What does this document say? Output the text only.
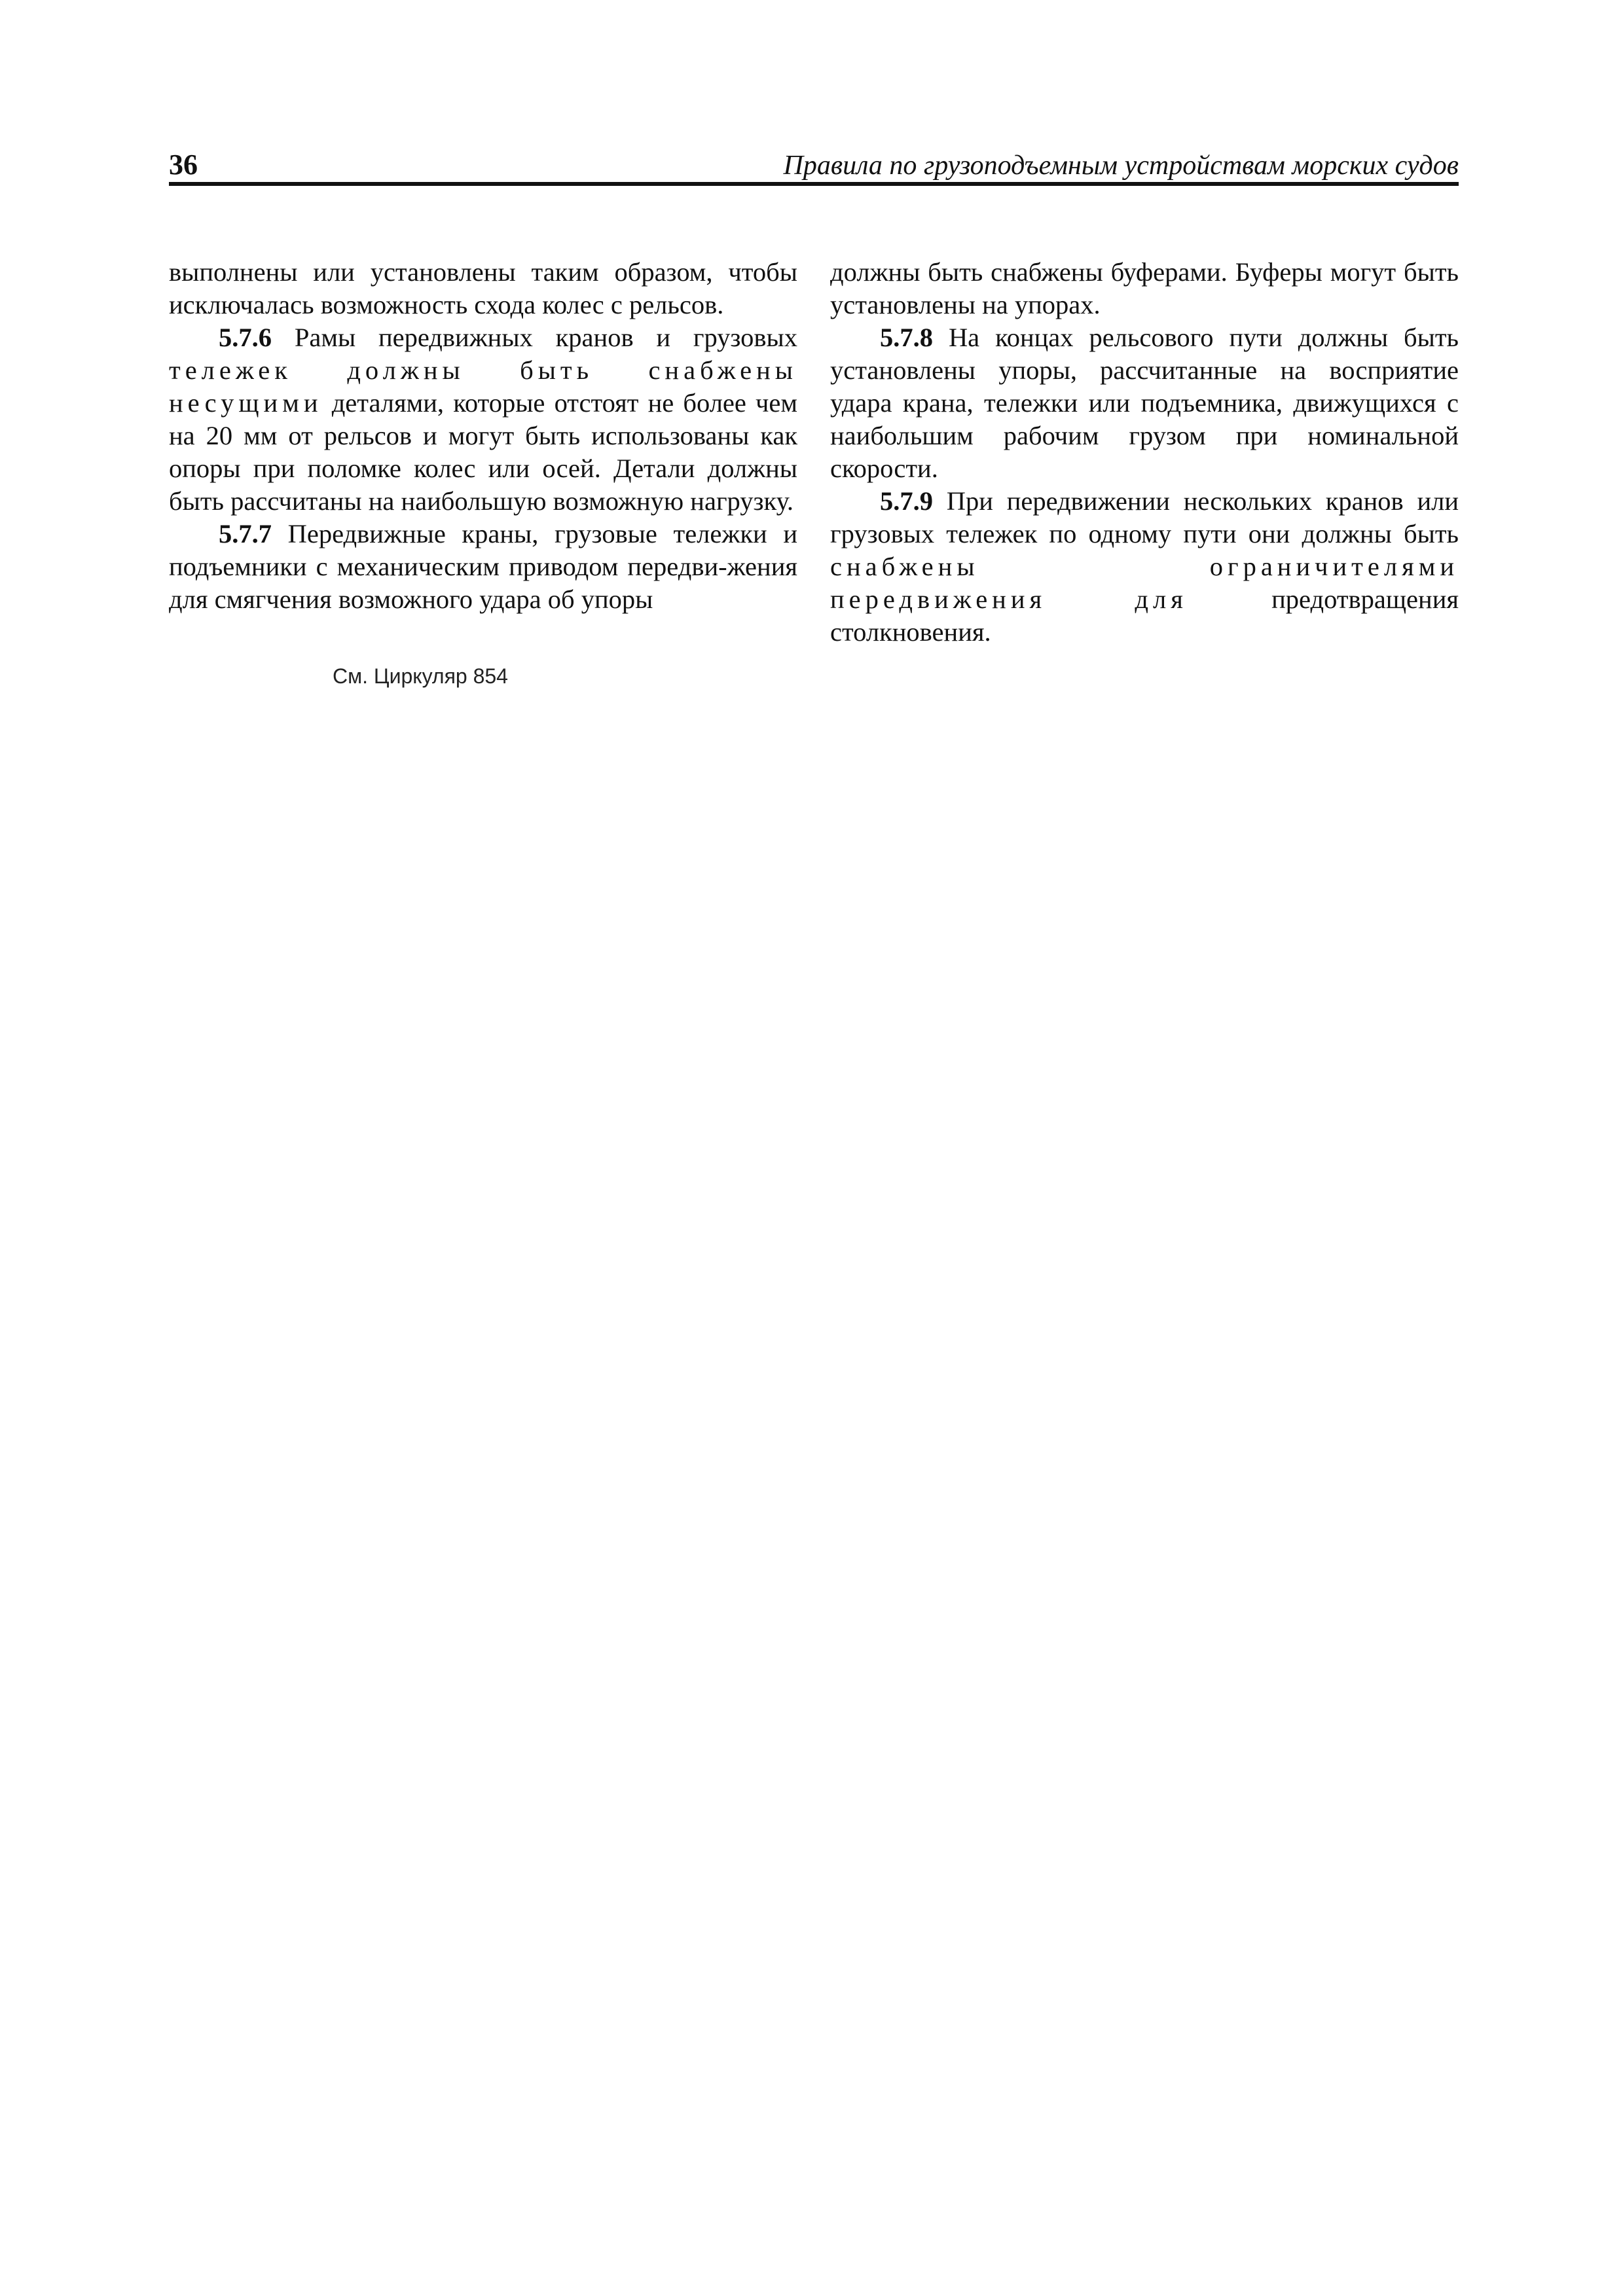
36	Правила по грузоподъемным устройствам морских судов

выполнены или установлены таким образом, чтобы исключалась возможность схода колес с рельсов.

5.7.6 Рамы передвижных кранов и грузовых тележек должны быть снабжены несущими деталями, которые отстоят не более чем на 20 мм от рельсов и могут быть использованы как опоры при поломке колес или осей. Детали должны быть рассчитаны на наибольшую возможную нагрузку.

5.7.7 Передвижные краны, грузовые тележки и подъемники с механическим приводом передви-жения для смягчения возможного удара об упоры

должны быть снабжены буферами. Буферы могут быть установлены на упорах.

5.7.8 На концах рельсового пути должны быть установлены упоры, рассчитанные на восприятие удара крана, тележки или подъемника, движущихся с наибольшим рабочим грузом при номинальной скорости.

5.7.9 При передвижении нескольких кранов или грузовых тележек по одному пути они должны быть снабжены ограничителями передвижения для	предотвращения столкновения.

См. Циркуляр 854
